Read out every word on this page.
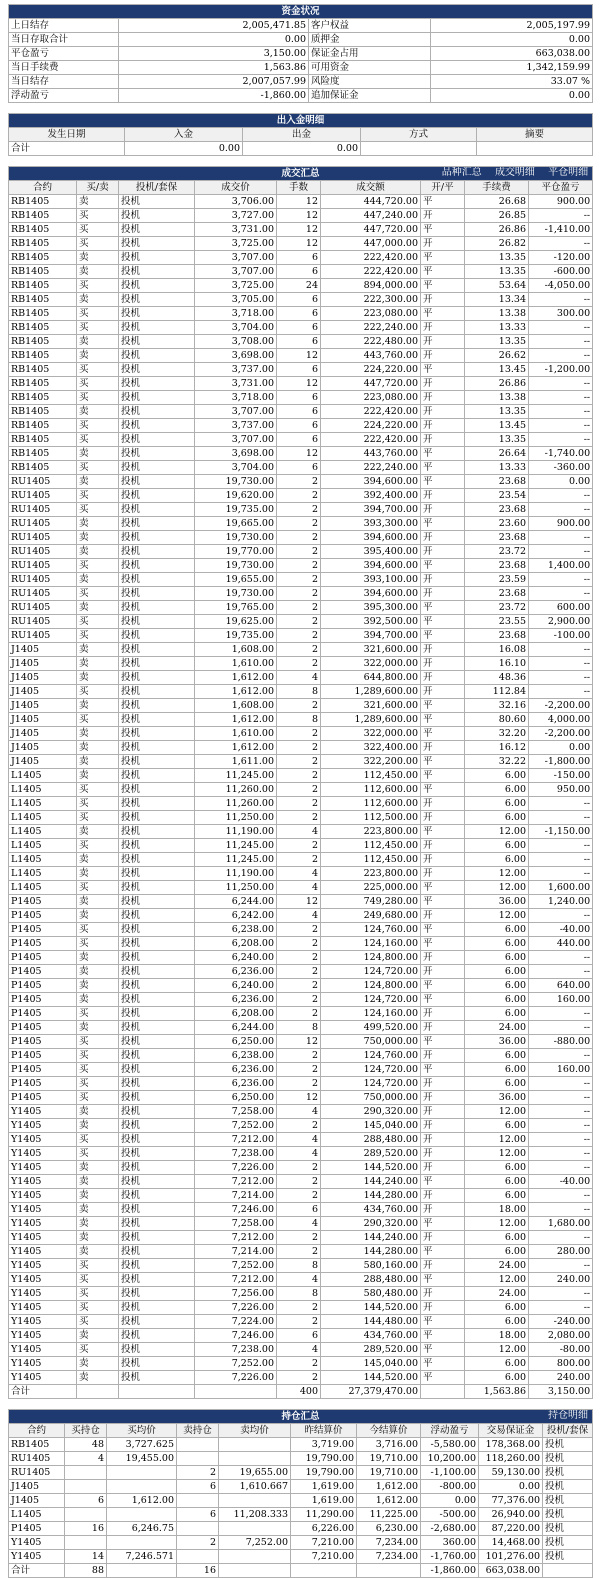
资金状况			
上日结存	2,005,471.85	客户权益	2,005,197.99
当日存取合计	0.00	质押金	0.00
平仓盈亏	3,150.00	保证金占用	663,038.00
当日手续费	1,563.86	可用资金	1,342,159.99
当日结存	2,007,057.99	风险度	33.07 %
浮动盈亏	-1,860.00	追加保证金	0.00
出入金明细				
发生日期	入金	出金	方式	摘要
合计	0.00	0.00		
成交汇总 品种汇总 成交明细 平仓明细								

合约	买/卖	投机/套保	成交价	手数	成交额	开/平	手续费	平仓盈亏
RB1405	卖	投机	3,706.00	12	444,720.00	平	26.68	900.00
RB1405	买	投机	3,727.00	12	447,240.00	开	26.85	--
RB1405	买	投机	3,731.00	12	447,720.00	平	26.86	-1,410.00
RB1405	买	投机	3,725.00	12	447,000.00	开	26.82	--
RB1405	卖	投机	3,707.00	6	222,420.00	平	13.35	-120.00
RB1405	卖	投机	3,707.00	6	222,420.00	平	13.35	-600.00
RB1405	买	投机	3,725.00	24	894,000.00	平	53.64	-4,050.00
RB1405	卖	投机	3,705.00	6	222,300.00	开	13.34	--
RB1405	买	投机	3,718.00	6	223,080.00	平	13.38	300.00
RB1405	买	投机	3,704.00	6	222,240.00	开	13.33	--
RB1405	卖	投机	3,708.00	6	222,480.00	开	13.35	--
RB1405	卖	投机	3,698.00	12	443,760.00	开	26.62	--
RB1405	买	投机	3,737.00	6	224,220.00	平	13.45	-1,200.00
RB1405	买	投机	3,731.00	12	447,720.00	开	26.86	--
RB1405	买	投机	3,718.00	6	223,080.00	开	13.38	--
RB1405	卖	投机	3,707.00	6	222,420.00	开	13.35	--
RB1405	买	投机	3,737.00	6	224,220.00	开	13.45	--
RB1405	买	投机	3,707.00	6	222,420.00	开	13.35	--
RB1405	卖	投机	3,698.00	12	443,760.00	平	26.64	-1,740.00
RB1405	买	投机	3,704.00	6	222,240.00	平	13.33	-360.00
RU1405	卖	投机	19,730.00	2	394,600.00	平	23.68	0.00
RU1405	买	投机	19,620.00	2	392,400.00	开	23.54	--
RU1405	买	投机	19,735.00	2	394,700.00	开	23.68	--
RU1405	卖	投机	19,665.00	2	393,300.00	平	23.60	900.00
RU1405	卖	投机	19,730.00	2	394,600.00	开	23.68	--
RU1405	卖	投机	19,770.00	2	395,400.00	开	23.72	--
RU1405	买	投机	19,730.00	2	394,600.00	平	23.68	1,400.00
RU1405	卖	投机	19,655.00	2	393,100.00	开	23.59	--
RU1405	买	投机	19,730.00	2	394,600.00	开	23.68	--
RU1405	卖	投机	19,765.00	2	395,300.00	平	23.72	600.00
RU1405	买	投机	19,625.00	2	392,500.00	平	23.55	2,900.00
RU1405	买	投机	19,735.00	2	394,700.00	平	23.68	-100.00
J1405	卖	投机	1,608.00	2	321,600.00	开	16.08	--
J1405	卖	投机	1,610.00	2	322,000.00	开	16.10	--
J1405	卖	投机	1,612.00	4	644,800.00	开	48.36	--
J1405	买	投机	1,612.00	8	1,289,600.00	开	112.84	--
J1405	卖	投机	1,608.00	2	321,600.00	平	32.16	-2,200.00
J1405	买	投机	1,612.00	8	1,289,600.00	平	80.60	4,000.00
J1405	卖	投机	1,610.00	2	322,000.00	平	32.20	-2,200.00
J1405	卖	投机	1,612.00	2	322,400.00	开	16.12	0.00
J1405	卖	投机	1,611.00	2	322,200.00	平	32.22	-1,800.00
L1405	卖	投机	11,245.00	2	112,450.00	平	6.00	-150.00
L1405	买	投机	11,260.00	2	112,600.00	平	6.00	950.00
L1405	买	投机	11,260.00	2	112,600.00	开	6.00	--
L1405	买	投机	11,250.00	2	112,500.00	开	6.00	--
L1405	卖	投机	11,190.00	4	223,800.00	平	12.00	-1,150.00
L1405	买	投机	11,245.00	2	112,450.00	开	6.00	--
L1405	卖	投机	11,245.00	2	112,450.00	开	6.00	--
L1405	卖	投机	11,190.00	4	223,800.00	开	12.00	--
L1405	买	投机	11,250.00	4	225,000.00	平	12.00	1,600.00
P1405	卖	投机	6,244.00	12	749,280.00	平	36.00	1,240.00
P1405	卖	投机	6,242.00	4	249,680.00	开	12.00	--
P1405	买	投机	6,238.00	2	124,760.00	平	6.00	-40.00
P1405	买	投机	6,208.00	2	124,160.00	平	6.00	440.00
P1405	卖	投机	6,240.00	2	124,800.00	开	6.00	--
P1405	卖	投机	6,236.00	2	124,720.00	开	6.00	--
P1405	卖	投机	6,240.00	2	124,800.00	平	6.00	640.00
P1405	卖	投机	6,236.00	2	124,720.00	平	6.00	160.00
P1405	买	投机	6,208.00	2	124,160.00	开	6.00	--
P1405	卖	投机	6,244.00	8	499,520.00	开	24.00	--
P1405	买	投机	6,250.00	12	750,000.00	平	36.00	-880.00
P1405	买	投机	6,238.00	2	124,760.00	开	6.00	--
P1405	买	投机	6,236.00	2	124,720.00	平	6.00	160.00
P1405	买	投机	6,236.00	2	124,720.00	开	6.00	--
P1405	买	投机	6,250.00	12	750,000.00	开	36.00	--
Y1405	卖	投机	7,258.00	4	290,320.00	开	12.00	--
Y1405	卖	投机	7,252.00	2	145,040.00	开	6.00	--
Y1405	买	投机	7,212.00	4	288,480.00	开	12.00	--
Y1405	买	投机	7,238.00	4	289,520.00	开	12.00	--
Y1405	卖	投机	7,226.00	2	144,520.00	开	6.00	--
Y1405	卖	投机	7,212.00	2	144,240.00	平	6.00	-40.00
Y1405	卖	投机	7,214.00	2	144,280.00	开	6.00	--
Y1405	卖	投机	7,246.00	6	434,760.00	开	18.00	--
Y1405	卖	投机	7,258.00	4	290,320.00	平	12.00	1,680.00
Y1405	卖	投机	7,212.00	2	144,240.00	开	6.00	--
Y1405	卖	投机	7,214.00	2	144,280.00	平	6.00	280.00
Y1405	买	投机	7,252.00	8	580,160.00	开	24.00	--
Y1405	买	投机	7,212.00	4	288,480.00	平	12.00	240.00
Y1405	买	投机	7,256.00	8	580,480.00	开	24.00	--
Y1405	买	投机	7,226.00	2	144,520.00	开	6.00	--
Y1405	买	投机	7,224.00	2	144,480.00	平	6.00	-240.00
Y1405	卖	投机	7,246.00	6	434,760.00	平	18.00	2,080.00
Y1405	买	投机	7,238.00	4	289,520.00	平	12.00	-80.00
Y1405	卖	投机	7,252.00	2	145,040.00	平	6.00	800.00
Y1405	卖	投机	7,226.00	2	144,520.00	平	6.00	240.00
合计				400	27,379,470.00		1,563.86	3,150.00
持仓汇总 持仓明细									

合约	买持仓	买均价	卖持仓	卖均价	昨结算价	今结算价	浮动盈亏	交易保证金	投机/套保
RB1405	48	3,727.625			3,719.00	3,716.00	-5,580.00	178,368.00	投机
RU1405	4	19,455.00			19,790.00	19,710.00	10,200.00	118,260.00	投机
RU1405			2	19,655.00	19,790.00	19,710.00	-1,100.00	59,130.00	投机
J1405			6	1,610.667	1,619.00	1,612.00	-800.00	0.00	投机
J1405	6	1,612.00			1,619.00	1,612.00	0.00	77,376.00	投机
L1405			6	11,208.333	11,290.00	11,225.00	-500.00	26,940.00	投机
P1405	16	6,246.75			6,226.00	6,230.00	-2,680.00	87,220.00	投机
Y1405			2	7,252.00	7,210.00	7,234.00	360.00	14,468.00	投机
Y1405	14	7,246.571			7,210.00	7,234.00	-1,760.00	101,276.00	投机
合计	88		16				-1,860.00	663,038.00	
